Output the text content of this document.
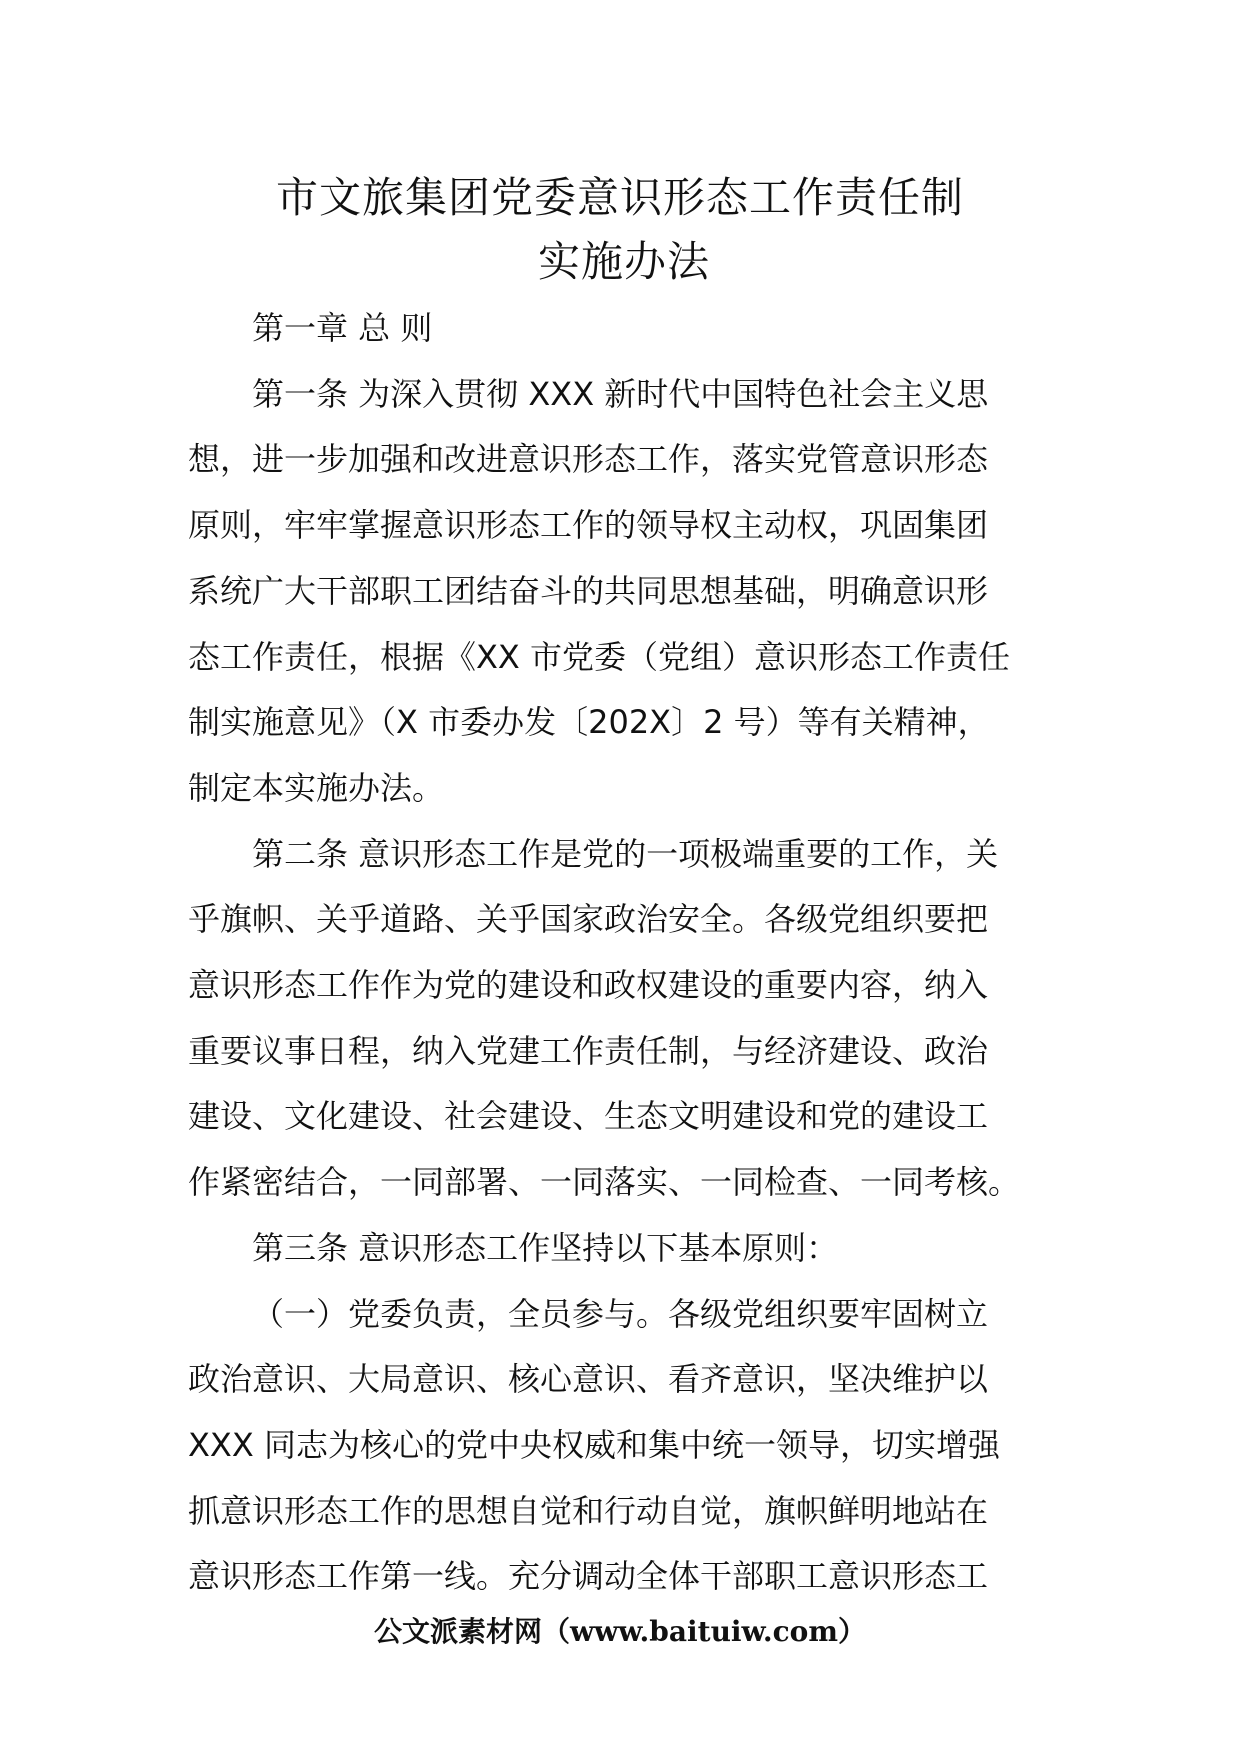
市文旅集团党委意识形态工作责任制
实施办法

第一章 总 则

第一条 为深入贯彻 XXX 新时代中国特色社会主义思
想，进一步加强和改进意识形态工作，落实党管意识形态
原则，牢牢掌握意识形态工作的领导权主动权，巩固集团
系统广大干部职工团结奋斗的共同思想基础，明确意识形
态工作责任，根据《XX 市党委（党组）意识形态工作责任
制实施意见》（X 市委办发〔202X〕2 号）等有关精神，
制定本实施办法。

第二条 意识形态工作是党的一项极端重要的工作，关
乎旗帜、关乎道路、关乎国家政治安全。各级党组织要把
意识形态工作作为党的建设和政权建设的重要内容，纳入
重要议事日程，纳入党建工作责任制，与经济建设、政治
建设、文化建设、社会建设、生态文明建设和党的建设工
作紧密结合，一同部署、一同落实、一同检查、一同考核。

第三条 意识形态工作坚持以下基本原则：

（一）党委负责，全员参与。各级党组织要牢固树立
政治意识、大局意识、核心意识、看齐意识，坚决维护以
XXX 同志为核心的党中央权威和集中统一领导，切实增强
抓意识形态工作的思想自觉和行动自觉，旗帜鲜明地站在
意识形态工作第一线。充分调动全体干部职工意识形态工

公文派素材网（www.baituiw.com）
